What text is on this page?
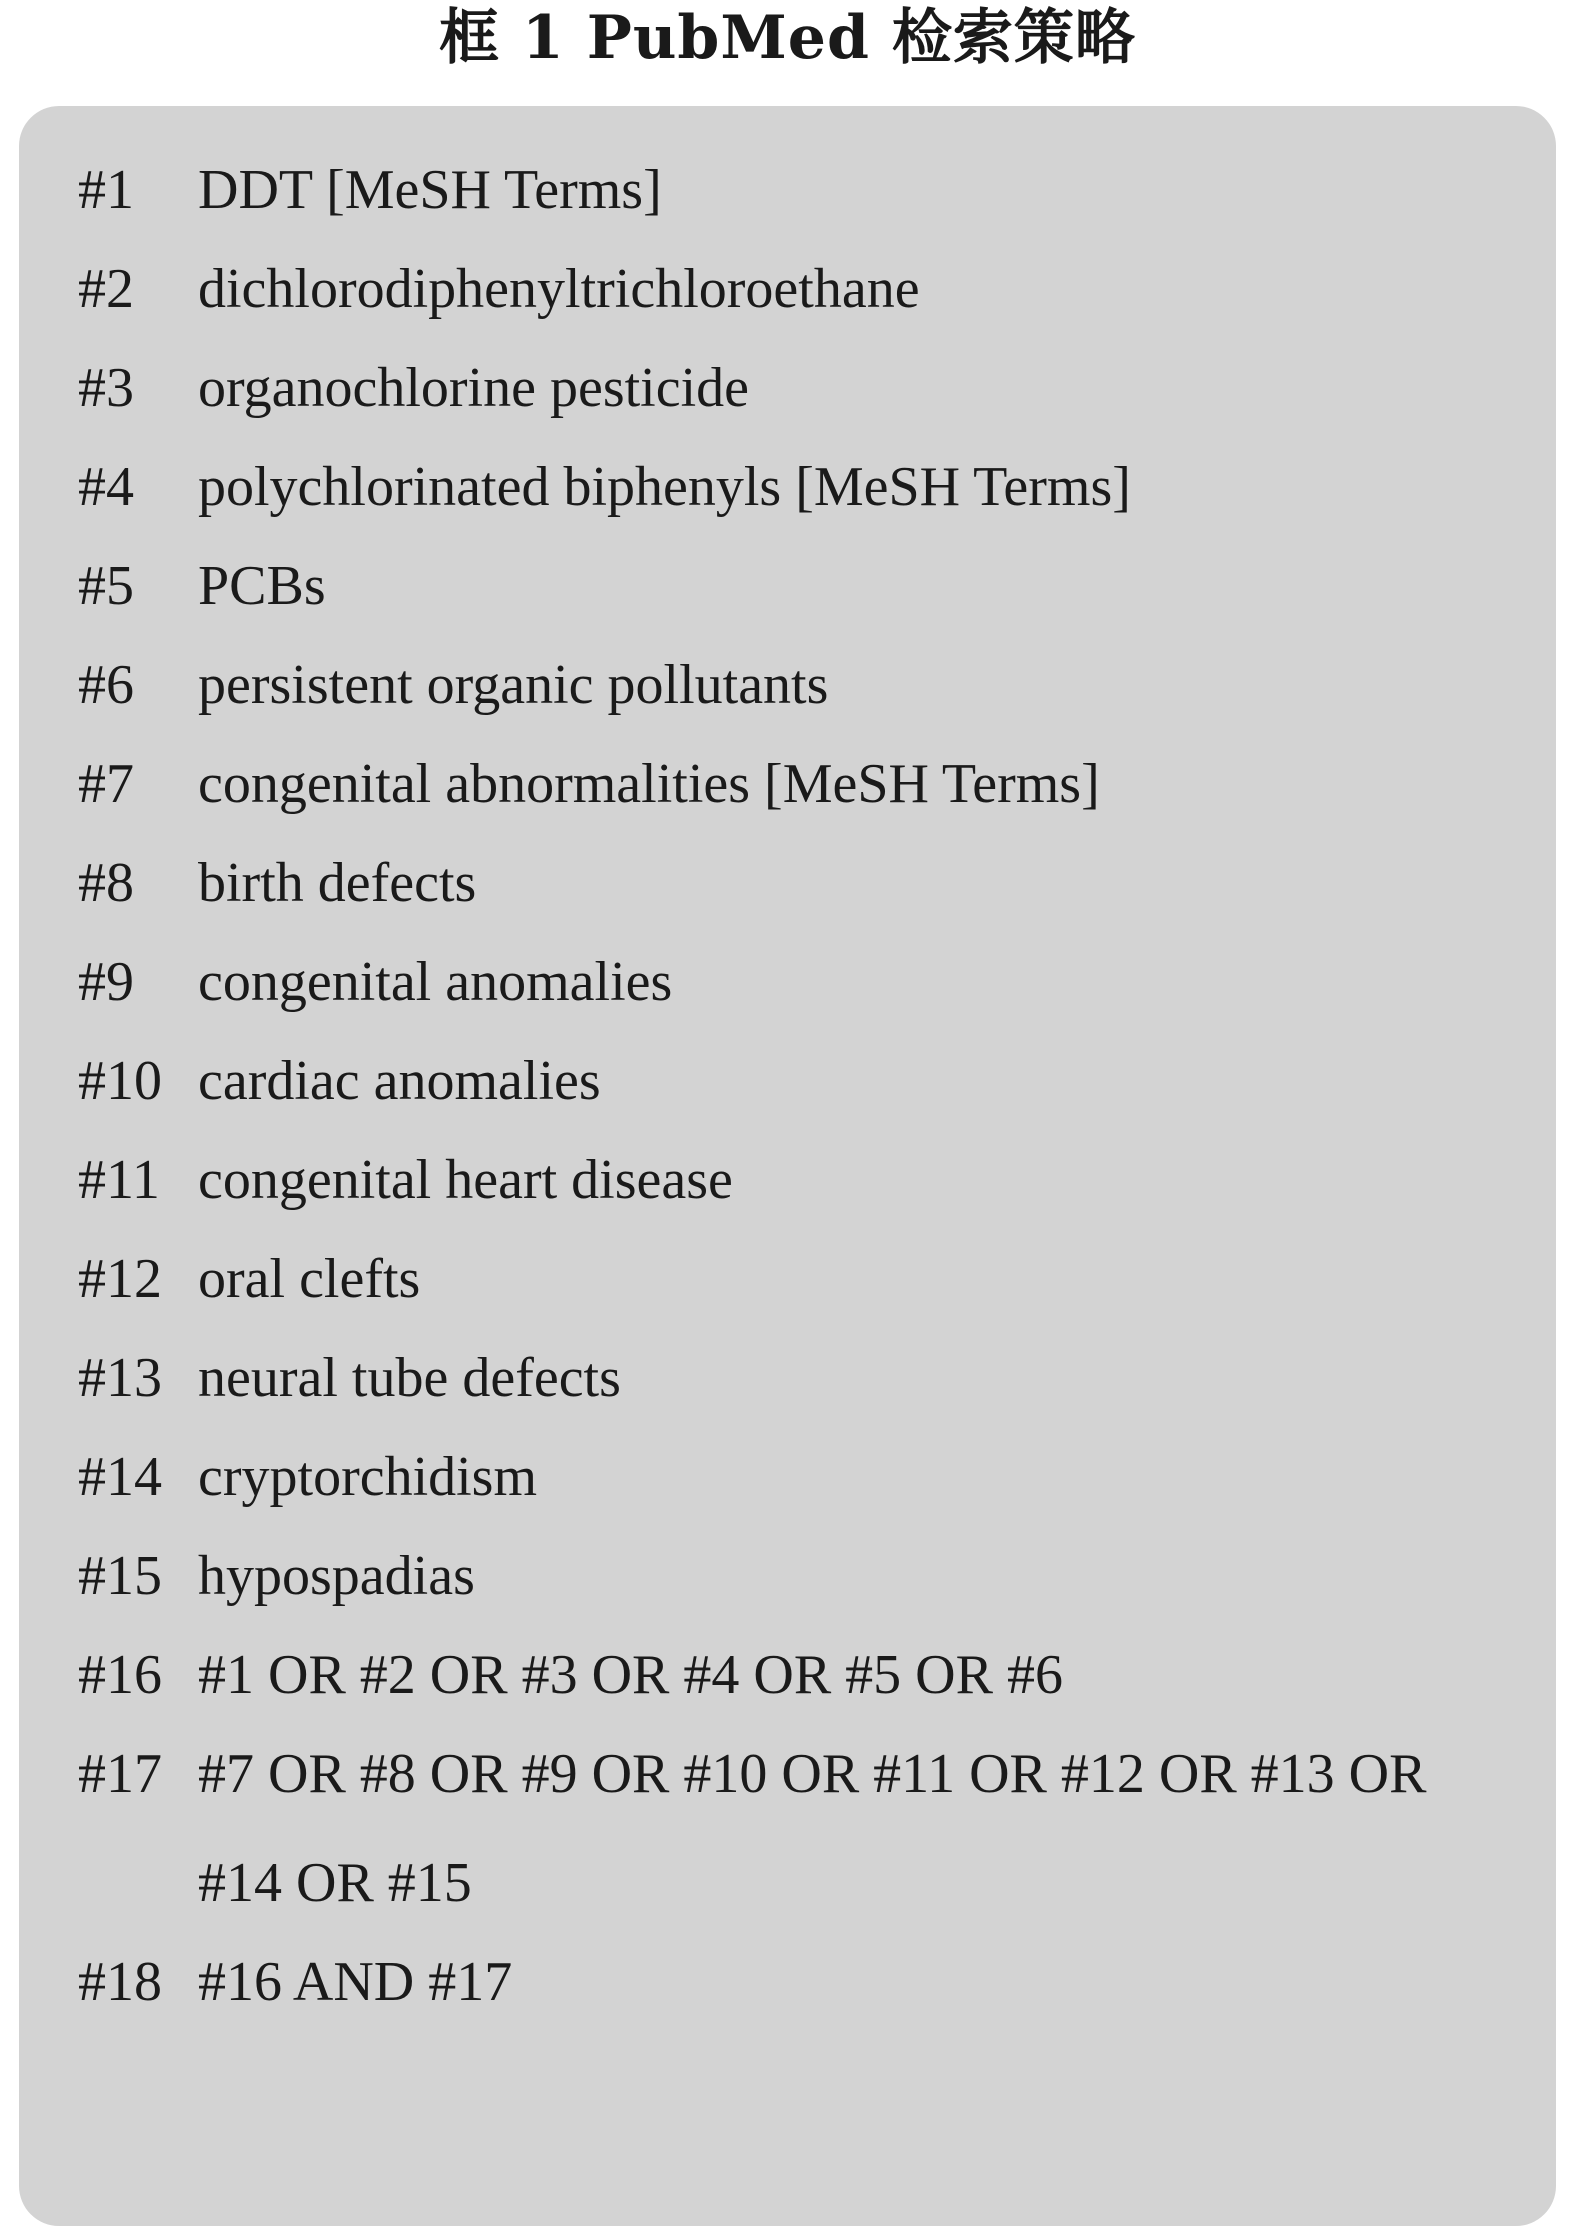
框 1 PubMed 检索策略
#1	DDT [MeSH Terms]
#2	dichlorodiphenyltrichloroethane
#3	organochlorine pesticide
#4	polychlorinated biphenyls [MeSH Terms]
#5	PCBs
#6	persistent organic pollutants
#7	congenital abnormalities [MeSH Terms]
#8	birth defects
#9	congenital anomalies
#10 cardiac anomalies
#11 congenital heart disease
#12 oral clefts
#13 neural tube defects
#14 cryptorchidism
#15 hypospadias
#16 #1 OR #2 OR #3 OR #4 OR #5 OR #6
#17 #7 OR #8 OR #9 OR #10 OR #11 OR #12 OR #13 OR #14 OR #15
#18 #16 AND #17
